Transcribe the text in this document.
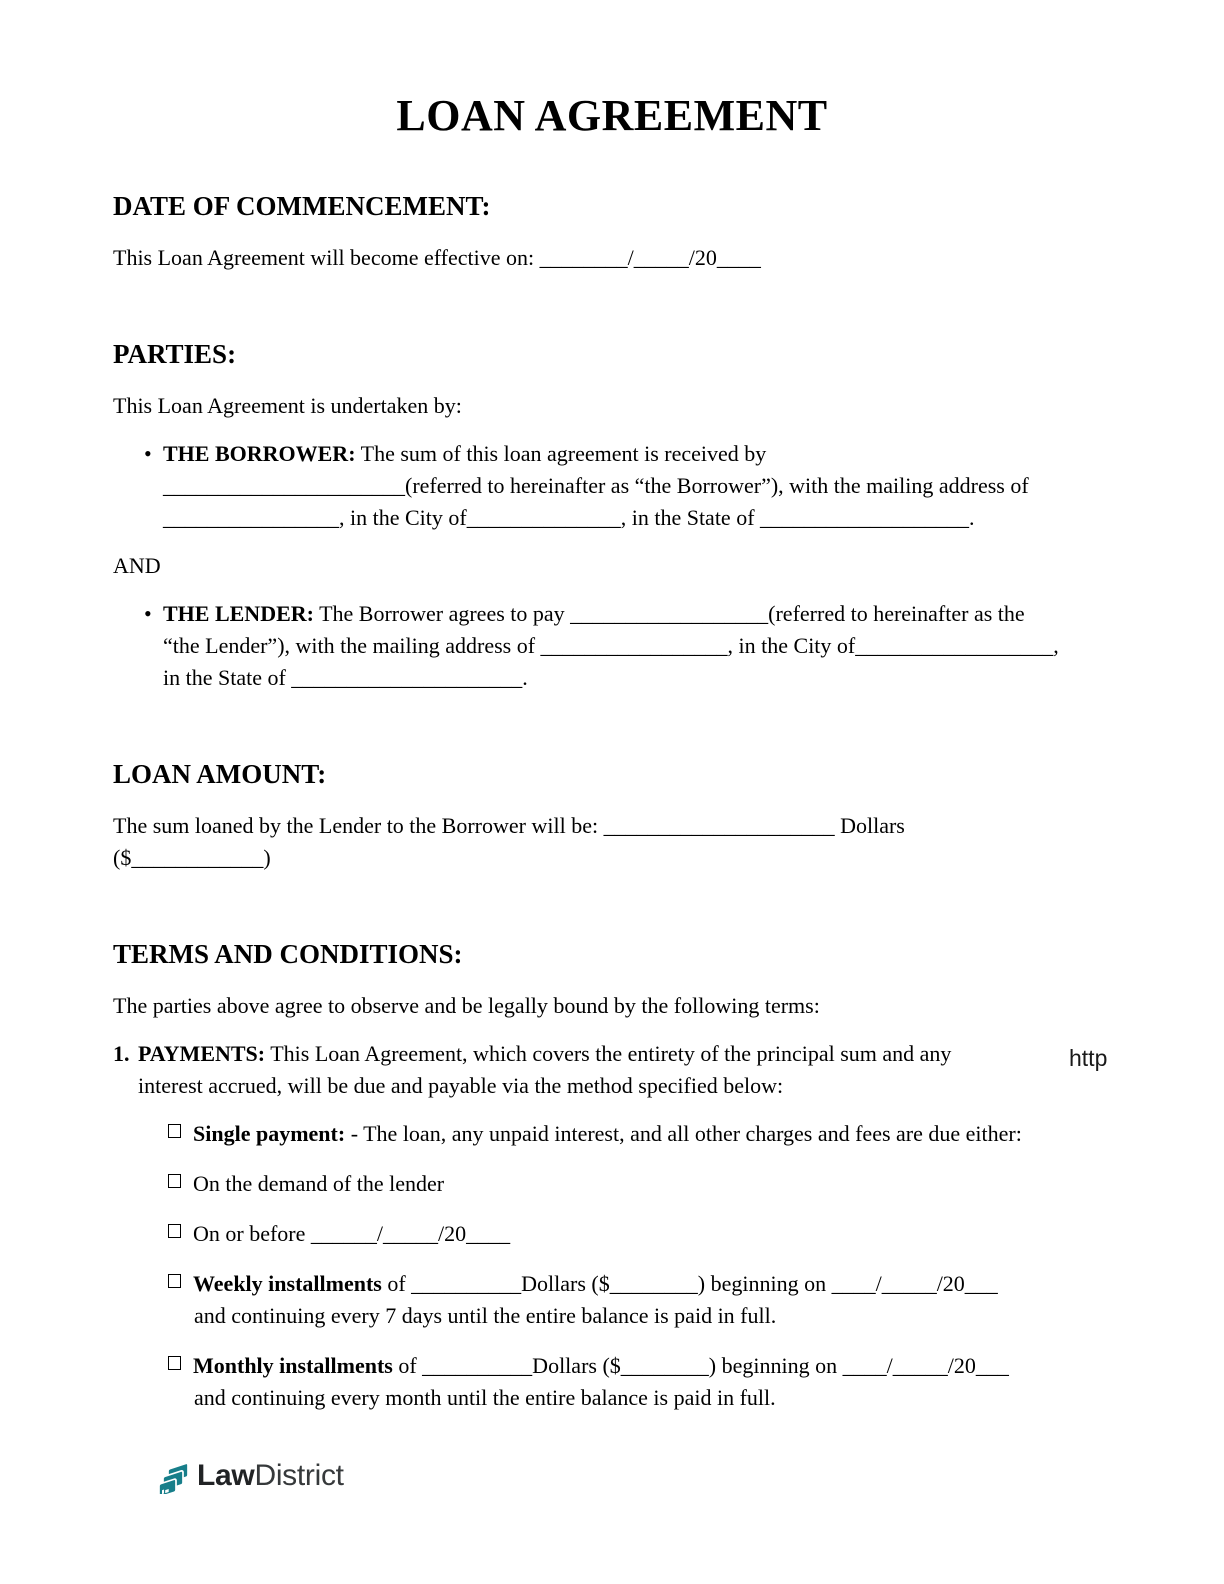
LOAN AGREEMENT
DATE OF COMMENCEMENT:

This Loan Agreement will become effective on: ________/_____/20____

PARTIES:

This Loan Agreement is undertaken by:

• THE BORROWER: The sum of this loan agreement is received by
______________________(referred to hereinafter as “the Borrower”), with the mailing address of
________________, in the City of______________, in the State of ___________________.

AND

• THE LENDER: The Borrower agrees to pay __________________(referred to hereinafter as the
“the Lender”), with the mailing address of _________________, in the City of__________________,
in the State of _____________________.
LOAN AMOUNT:

The sum loaned by the Lender to the Borrower will be: _____________________ Dollars
($____________)

TERMS AND CONDITIONS:

The parties above agree to observe and be legally bound by the following terms:

1. PAYMENTS: This Loan Agreement, which covers the entirety of the principal sum and any
interest accrued, will be due and payable via the method specified below:
Single payment: - The loan, any unpaid interest, and all other charges and fees are due either:
On the demand of the lender
On or before ______/_____/20____
Weekly installments of __________Dollars ($________) beginning on ____/_____/20___
and continuing every 7 days until the entire balance is paid in full.
Monthly installments of __________Dollars ($________) beginning on ____/_____/20___
and continuing every month until the entire balance is paid in full.
http
LawDistrict
